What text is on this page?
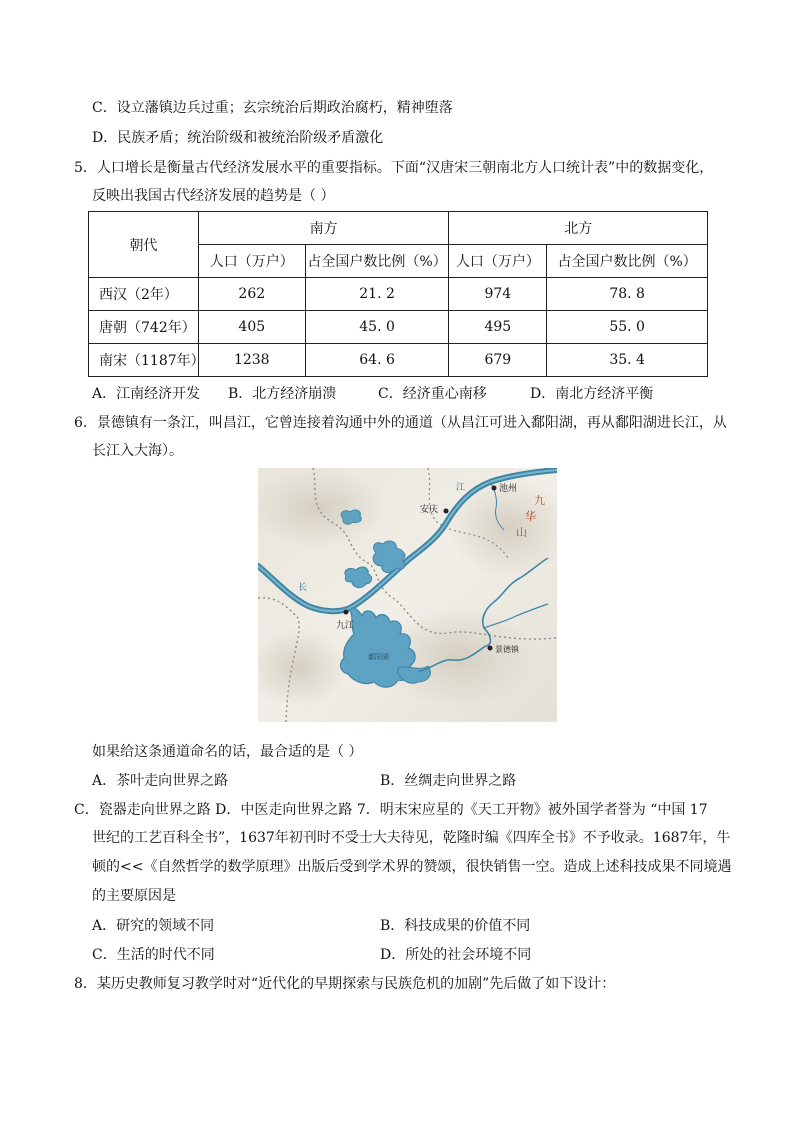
C．设立藩镇边兵过重；玄宗统治后期政治腐朽，精神堕落
D．民族矛盾；统治阶级和被统治阶级矛盾激化
5．人口增长是衡量古代经济发展水平的重要指标。下面“汉唐宋三朝南北方人口统计表”中的数据变化，
反映出我国古代经济发展的趋势是（ ）
朝代	南方		北方	
	人口（万户）	占全国户数比例（%）	人口（万户）	占全国户数比例（%）
西汉（2年）	262	21. 2	974	78. 8
唐朝（742年）	405	45. 0	495	55. 0
南宋（1187年）	1238	64. 6	679	35. 4
A．江南经济开发 B．北方经济崩溃	C．经济重心南移	D．南北方经济平衡
6．景德镇有一条江，叫昌江，它曾连接着沟通中外的通道（从昌江可进入鄱阳湖，再从鄱阳湖进长江，从
长江入大海）。
池州
安庆
九江
景德镇
鄱阳湖
九
华
山
长
江
如果给这条通道命名的话，最合适的是（ ）
A．茶叶走向世界之路	B．丝绸走向世界之路
C．瓷器走向世界之路 D．中医走向世界之路 7．明末宋应星的《天工开物》被外国学者誉为 “中国 17
世纪的工艺百科全书”，1637年初刊时不受士大夫待见，乾隆时编《四库全书》不予收录。1687年，牛
顿的<<《自然哲学的数学原理》出版后受到学术界的赞颂，很快销售一空。造成上述科技成果不同境遇
的主要原因是
A．研究的领域不同	B．科技成果的价值不同
C．生活的时代不同	D．所处的社会环境不同
8．某历史教师复习教学时对“近代化的早期探索与民族危机的加剧”先后做了如下设计：
